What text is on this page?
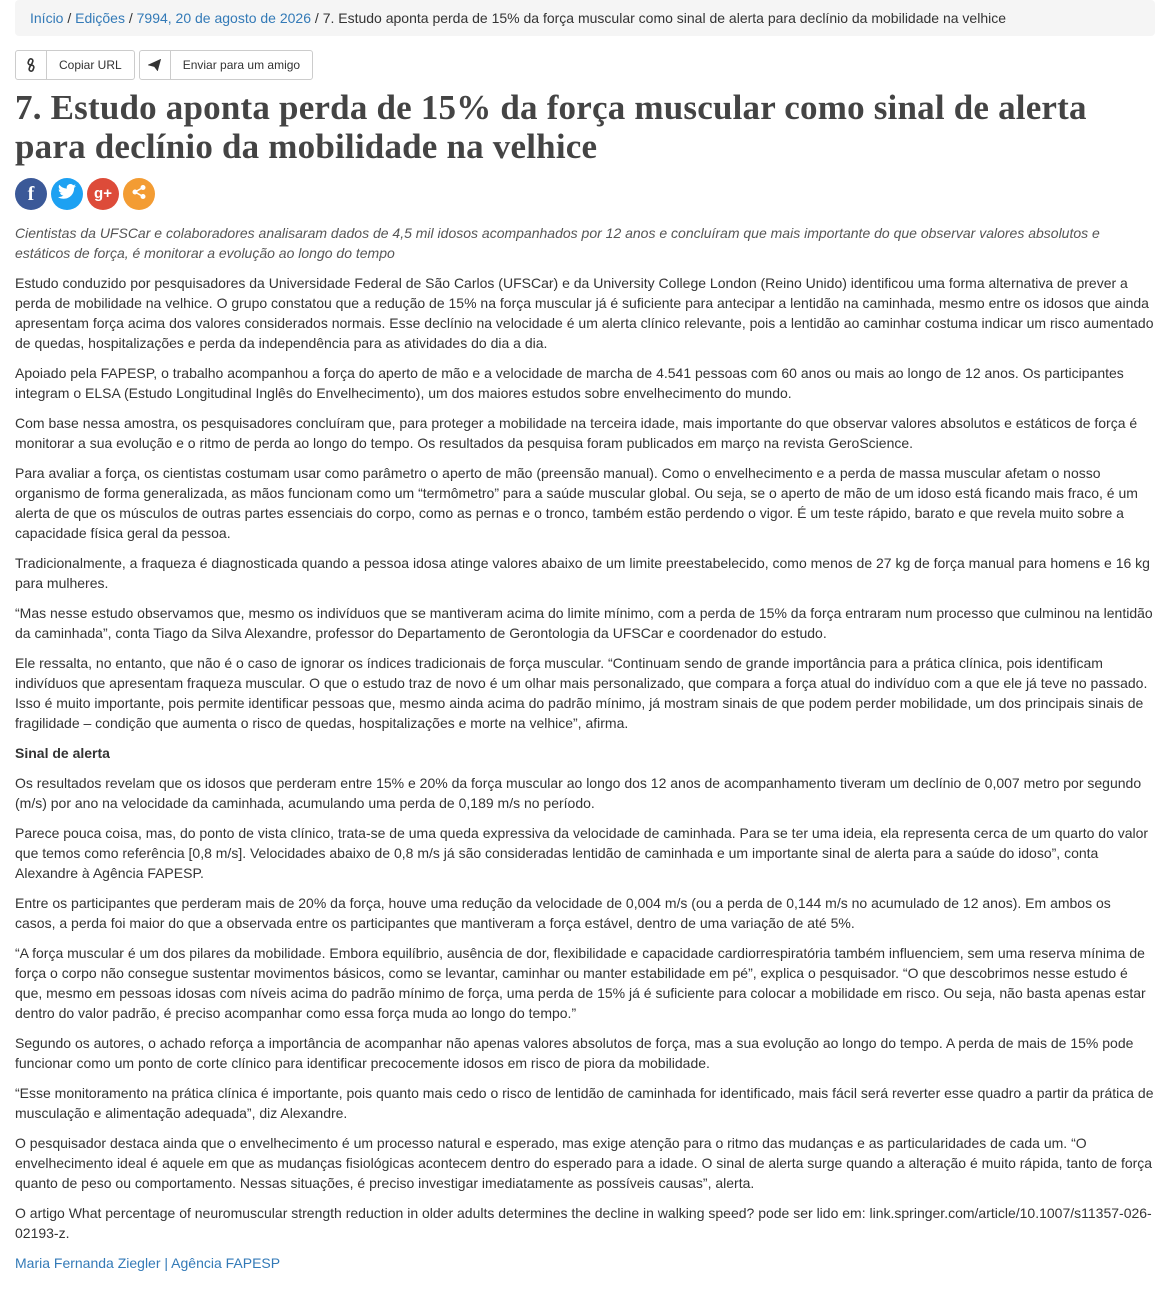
Início / Edições / 7994, 20 de agosto de 2026 / 7. Estudo aponta perda de 15% da força muscular como sinal de alerta para declínio da mobilidade na velhice
Copiar URL	Enviar para um amigo
7. Estudo aponta perda de 15% da força muscular como sinal de alerta para declínio da mobilidade na velhice
f	g+

Cientistas da UFSCar e colaboradores analisaram dados de 4,5 mil idosos acompanhados por 12 anos e concluíram que mais importante do que observar valores absolutos e estáticos de força, é monitorar a evolução ao longo do tempo

Estudo conduzido por pesquisadores da Universidade Federal de São Carlos (UFSCar) e da University College London (Reino Unido) identificou uma forma alternativa de prever a perda de mobilidade na velhice. O grupo constatou que a redução de 15% na força muscular já é suficiente para antecipar a lentidão na caminhada, mesmo entre os idosos que ainda apresentam força acima dos valores considerados normais. Esse declínio na velocidade é um alerta clínico relevante, pois a lentidão ao caminhar costuma indicar um risco aumentado de quedas, hospitalizações e perda da independência para as atividades do dia a dia.

Apoiado pela FAPESP, o trabalho acompanhou a força do aperto de mão e a velocidade de marcha de 4.541 pessoas com 60 anos ou mais ao longo de 12 anos. Os participantes integram o ELSA (Estudo Longitudinal Inglês do Envelhecimento), um dos maiores estudos sobre envelhecimento do mundo.

Com base nessa amostra, os pesquisadores concluíram que, para proteger a mobilidade na terceira idade, mais importante do que observar valores absolutos e estáticos de força é monitorar a sua evolução e o ritmo de perda ao longo do tempo. Os resultados da pesquisa foram publicados em março na revista GeroScience.

Para avaliar a força, os cientistas costumam usar como parâmetro o aperto de mão (preensão manual). Como o envelhecimento e a perda de massa muscular afetam o nosso organismo de forma generalizada, as mãos funcionam como um “termômetro” para a saúde muscular global. Ou seja, se o aperto de mão de um idoso está ficando mais fraco, é um alerta de que os músculos de outras partes essenciais do corpo, como as pernas e o tronco, também estão perdendo o vigor. É um teste rápido, barato e que revela muito sobre a capacidade física geral da pessoa.

Tradicionalmente, a fraqueza é diagnosticada quando a pessoa idosa atinge valores abaixo de um limite preestabelecido, como menos de 27 kg de força manual para homens e 16 kg para mulheres.

“Mas nesse estudo observamos que, mesmo os indivíduos que se mantiveram acima do limite mínimo, com a perda de 15% da força entraram num processo que culminou na lentidão da caminhada”, conta Tiago da Silva Alexandre, professor do Departamento de Gerontologia da UFSCar e coordenador do estudo.

Ele ressalta, no entanto, que não é o caso de ignorar os índices tradicionais de força muscular. “Continuam sendo de grande importância para a prática clínica, pois identificam indivíduos que apresentam fraqueza muscular. O que o estudo traz de novo é um olhar mais personalizado, que compara a força atual do indivíduo com a que ele já teve no passado. Isso é muito importante, pois permite identificar pessoas que, mesmo ainda acima do padrão mínimo, já mostram sinais de que podem perder mobilidade, um dos principais sinais de fragilidade – condição que aumenta o risco de quedas, hospitalizações e morte na velhice”, afirma.

Sinal de alerta

Os resultados revelam que os idosos que perderam entre 15% e 20% da força muscular ao longo dos 12 anos de acompanhamento tiveram um declínio de 0,007 metro por segundo (m/s) por ano na velocidade da caminhada, acumulando uma perda de 0,189 m/s no período.

Parece pouca coisa, mas, do ponto de vista clínico, trata-se de uma queda expressiva da velocidade de caminhada. Para se ter uma ideia, ela representa cerca de um quarto do valor que temos como referência [0,8 m/s]. Velocidades abaixo de 0,8 m/s já são consideradas lentidão de caminhada e um importante sinal de alerta para a saúde do idoso”, conta Alexandre à Agência FAPESP.

Entre os participantes que perderam mais de 20% da força, houve uma redução da velocidade de 0,004 m/s (ou a perda de 0,144 m/s no acumulado de 12 anos). Em ambos os casos, a perda foi maior do que a observada entre os participantes que mantiveram a força estável, dentro de uma variação de até 5%.

“A força muscular é um dos pilares da mobilidade. Embora equilíbrio, ausência de dor, flexibilidade e capacidade cardiorrespiratória também influenciem, sem uma reserva mínima de força o corpo não consegue sustentar movimentos básicos, como se levantar, caminhar ou manter estabilidade em pé”, explica o pesquisador. “O que descobrimos nesse estudo é que, mesmo em pessoas idosas com níveis acima do padrão mínimo de força, uma perda de 15% já é suficiente para colocar a mobilidade em risco. Ou seja, não basta apenas estar dentro do valor padrão, é preciso acompanhar como essa força muda ao longo do tempo.”

Segundo os autores, o achado reforça a importância de acompanhar não apenas valores absolutos de força, mas a sua evolução ao longo do tempo. A perda de mais de 15% pode funcionar como um ponto de corte clínico para identificar precocemente idosos em risco de piora da mobilidade.

“Esse monitoramento na prática clínica é importante, pois quanto mais cedo o risco de lentidão de caminhada for identificado, mais fácil será reverter esse quadro a partir da prática de musculação e alimentação adequada”, diz Alexandre.

O pesquisador destaca ainda que o envelhecimento é um processo natural e esperado, mas exige atenção para o ritmo das mudanças e as particularidades de cada um. “O envelhecimento ideal é aquele em que as mudanças fisiológicas acontecem dentro do esperado para a idade. O sinal de alerta surge quando a alteração é muito rápida, tanto de força quanto de peso ou comportamento. Nessas situações, é preciso investigar imediatamente as possíveis causas”, alerta.

O artigo What percentage of neuromuscular strength reduction in older adults determines the decline in walking speed? pode ser lido em: link.springer.com/article/10.1007/s11357-026-02193-z.

Maria Fernanda Ziegler | Agência FAPESP
